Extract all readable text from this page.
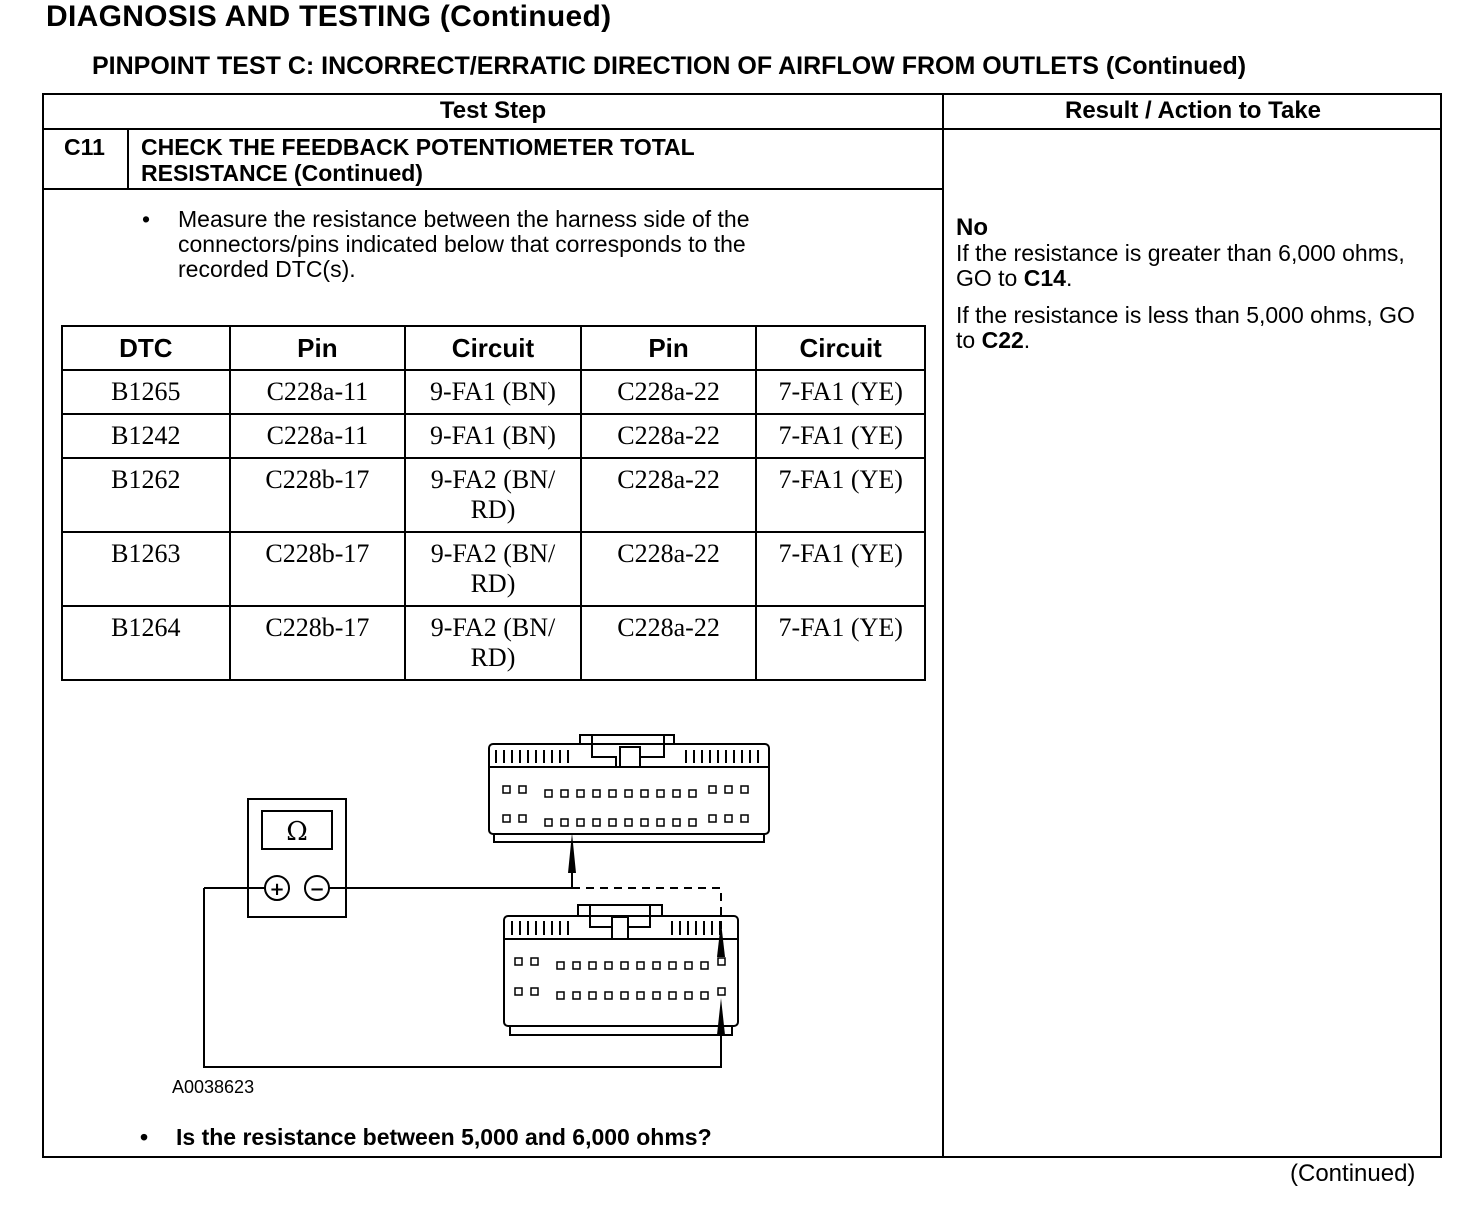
DIAGNOSIS AND TESTING (Continued)
PINPOINT TEST C: INCORRECT/ERRATIC DIRECTION OF AIRFLOW FROM OUTLETS (Continued)
Test Step	Result / Action to Take
C11 CHECK THE FEEDBACK POTENTIOMETER TOTAL
RESISTANCE (Continued)
• Measure the resistance between the harness side of the connectors/pins indicated below that corresponds to the recorded DTC(s).
DTC	Pin	Circuit	Pin	Circuit
B1265	C228a-11	9-FA1 (BN)	C228a-22	7-FA1 (YE)
B1242	C228a-11	9-FA1 (BN)	C228a-22	7-FA1 (YE)
B1262	C228b-17	9-FA2 (BN/ RD)	C228a-22	7-FA1 (YE)
B1263	C228b-17	9-FA2 (BN/ RD)	C228a-22	7-FA1 (YE)
B1264	C228b-17	9-FA2 (BN/ RD)	C228a-22	7-FA1 (YE)
Ω
+ −
A0038623
• Is the resistance between 5,000 and 6,000 ohms?
No
If the resistance is greater than 6,000 ohms, GO to C14.
If the resistance is less than 5,000 ohms, GO to C22.
(Continued)
